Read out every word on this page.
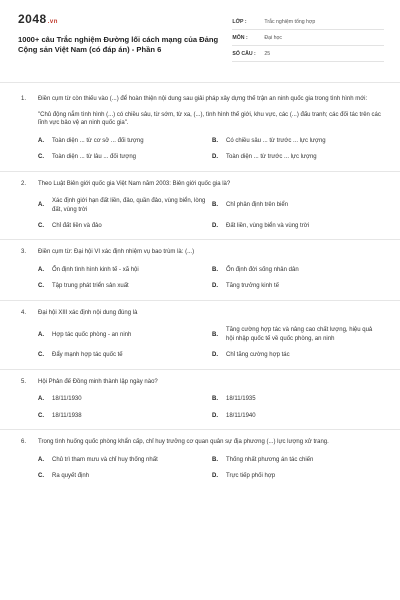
2048.vn
1000+ câu Trắc nghiệm Đường lối cách mạng của Đảng Cộng sản Việt Nam (có đáp án) - Phần 6
LỚP :	Trắc nghiệm tổng hợp
MÔN :	Đại học
SỐ CÂU :	25
1.	Điền cụm từ còn thiếu vào (...) để hoàn thiện nội dung sau giải pháp xây dựng thế trận an ninh quốc gia trong tình hình mới:
"Chủ động nắm tình hình (...) có chiều sâu, từ sớm, từ xa, (...), tình hình thế giới, khu vực, các (...) đấu tranh; các đối tác trên các lĩnh vực bảo vệ an ninh quốc gia".
A.	Toàn diện ... từ cơ sở ... đối tượng	B.	Có chiều sâu ... từ trước ... lực lượng
C.	Toàn diện ... từ lâu ... đối tượng	D.	Toàn diện ... từ trước ... lực lượng
2.	Theo Luật Biên giới quốc gia Việt Nam năm 2003: Biên giới quốc gia là?
A.
Xác định giới hạn đất liền, đảo, quần đảo, vùng biển, lòng đất, vùng trời
B.	Chỉ phân định trên biển
C.	Chỉ đất liền và đảo	D.	Đất liền, vùng biển và vùng trời
3.	Điền cụm từ: Đại hội VI xác định nhiệm vụ bao trùm là: (...)
A.	Ổn định tình hình kinh tế - xã hội	B.	Ổn định đời sống nhân dân
C.	Tập trung phát triển sản xuất	D.	Tăng trưởng kinh tế
4.	Đại hội XIII xác định nội dung đúng là
A.	Hợp tác quốc phòng - an ninh	B.
Tăng cường hợp tác và nâng cao chất lượng, hiệu quả hội nhập quốc tế về quốc phòng, an ninh
C.	Đẩy mạnh hợp tác quốc tế	D.	Chỉ tăng cường hợp tác
5.	Hội Phản đế Đồng minh thành lập ngày nào?
A.	18/11/1930	B.	18/11/1935
C.	18/11/1938	D.	18/11/1940
6.	Trong tình huống quốc phòng khẩn cấp, chỉ huy trưởng cơ quan quân sự địa phương (...) lực lượng xử trang.
A.	Chủ trì tham mưu và chỉ huy thống nhất	B.	Thống nhất phương án tác chiến
C.	Ra quyết định	D.	Trực tiếp phối hợp
